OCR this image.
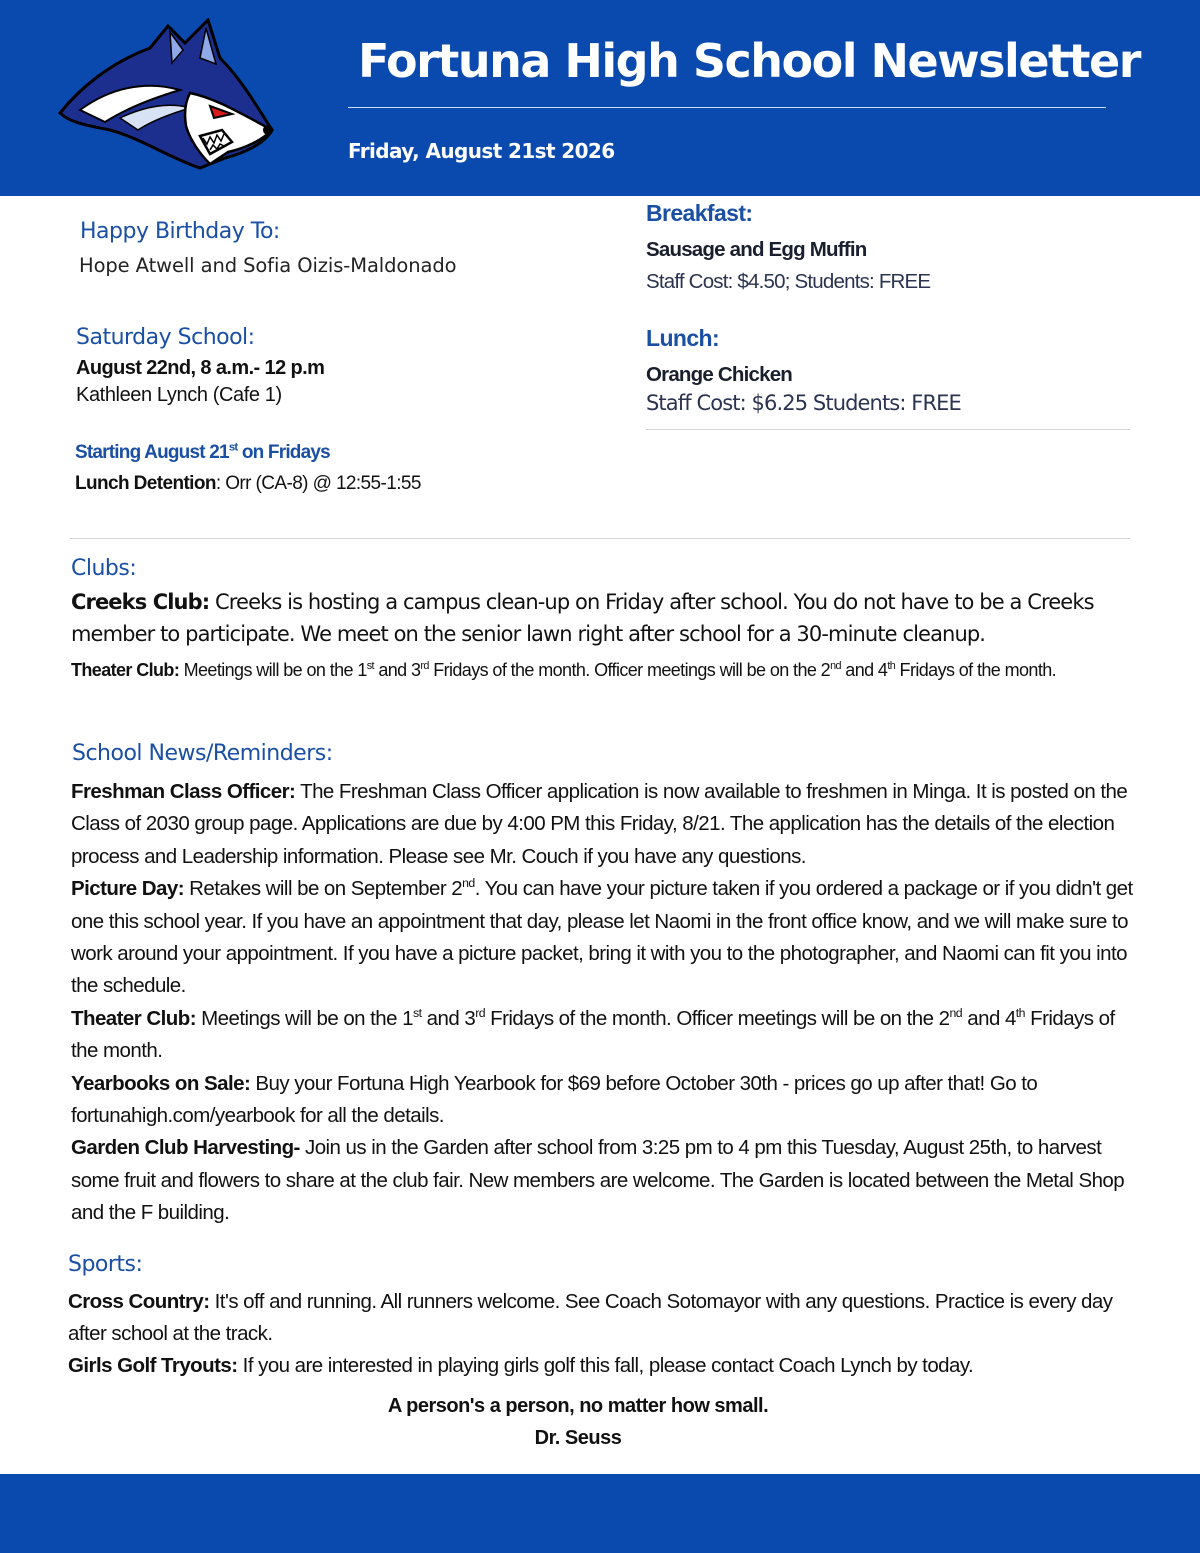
Fortuna High School Newsletter
Friday, August 21st 2026
Happy Birthday To:
Hope Atwell and Sofia Oizis-Maldonado
Saturday School:
August 22nd, 8 a.m.- 12 p.m
Kathleen Lynch (Cafe 1)
Starting August 21st on Fridays
Lunch Detention: Orr (CA-8) @ 12:55-1:55
Breakfast:
Sausage and Egg Muffin
Staff Cost: $4.50; Students: FREE
Lunch:
Orange Chicken
Staff Cost: $6.25 Students: FREE
Clubs:
Creeks Club: Creeks is hosting a campus clean-up on Friday after school. You do not have to be a Creeks member to participate. We meet on the senior lawn right after school for a 30-minute cleanup.
Theater Club: Meetings will be on the 1st and 3rd Fridays of the month. Officer meetings will be on the 2nd and 4th Fridays of the month.
School News/Reminders:

Freshman Class Officer: The Freshman Class Officer application is now available to freshmen in Minga. It is posted on the Class of 2030 group page. Applications are due by 4:00 PM this Friday, 8/21. The application has the details of the election process and Leadership information. Please see Mr. Couch if you have any questions.

Picture Day: Retakes will be on September 2nd. You can have your picture taken if you ordered a package or if you didn't get one this school year. If you have an appointment that day, please let Naomi in the front office know, and we will make sure to work around your appointment. If you have a picture packet, bring it with you to the photographer, and Naomi can fit you into the schedule.

Theater Club: Meetings will be on the 1st and 3rd Fridays of the month. Officer meetings will be on the 2nd and 4th Fridays of the month.

Yearbooks on Sale: Buy your Fortuna High Yearbook for $69 before October 30th - prices go up after that! Go to fortunahigh.com/yearbook for all the details.

Garden Club Harvesting- Join us in the Garden after school from 3:25 pm to 4 pm this Tuesday, August 25th, to harvest some fruit and flowers to share at the club fair. New members are welcome. The Garden is located between the Metal Shop and the F building.

Sports:

Cross Country: It's off and running. All runners welcome. See Coach Sotomayor with any questions. Practice is every day after school at the track.

Girls Golf Tryouts: If you are interested in playing girls golf this fall, please contact Coach Lynch by today.

A person's a person, no matter how small.
Dr. Seuss
